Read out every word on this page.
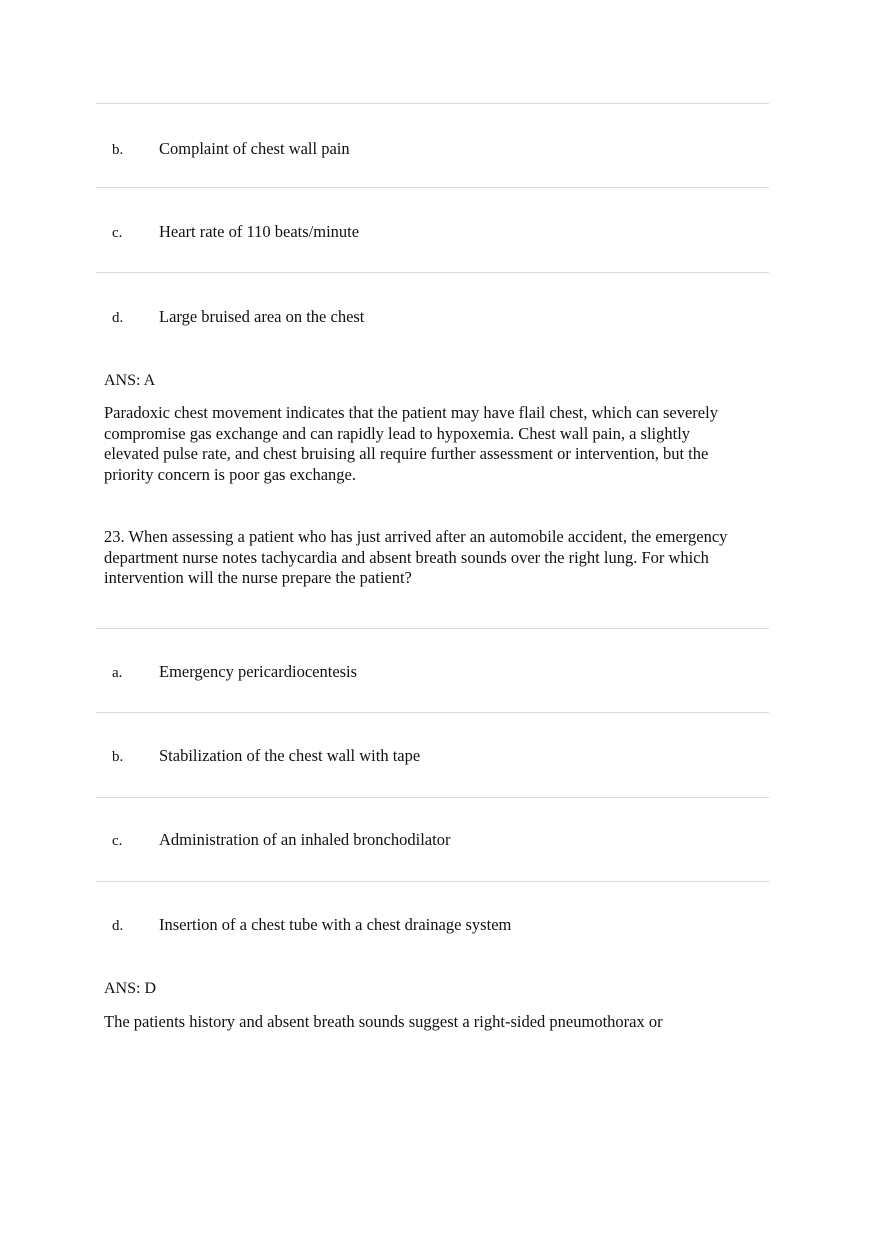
b. Complaint of chest wall pain
c. Heart rate of 110 beats/minute
d. Large bruised area on the chest
ANS: A
Paradoxic chest movement indicates that the patient may have flail chest, which can severely
compromise gas exchange and can rapidly lead to hypoxemia. Chest wall pain, a slightly
elevated pulse rate, and chest bruising all require further assessment or intervention, but the
priority concern is poor gas exchange.
23. When assessing a patient who has just arrived after an automobile accident, the emergency
department nurse notes tachycardia and absent breath sounds over the right lung. For which
intervention will the nurse prepare the patient?
a. Emergency pericardiocentesis
b. Stabilization of the chest wall with tape
c. Administration of an inhaled bronchodilator
d. Insertion of a chest tube with a chest drainage system
ANS: D
The patients history and absent breath sounds suggest a right-sided pneumothorax or
